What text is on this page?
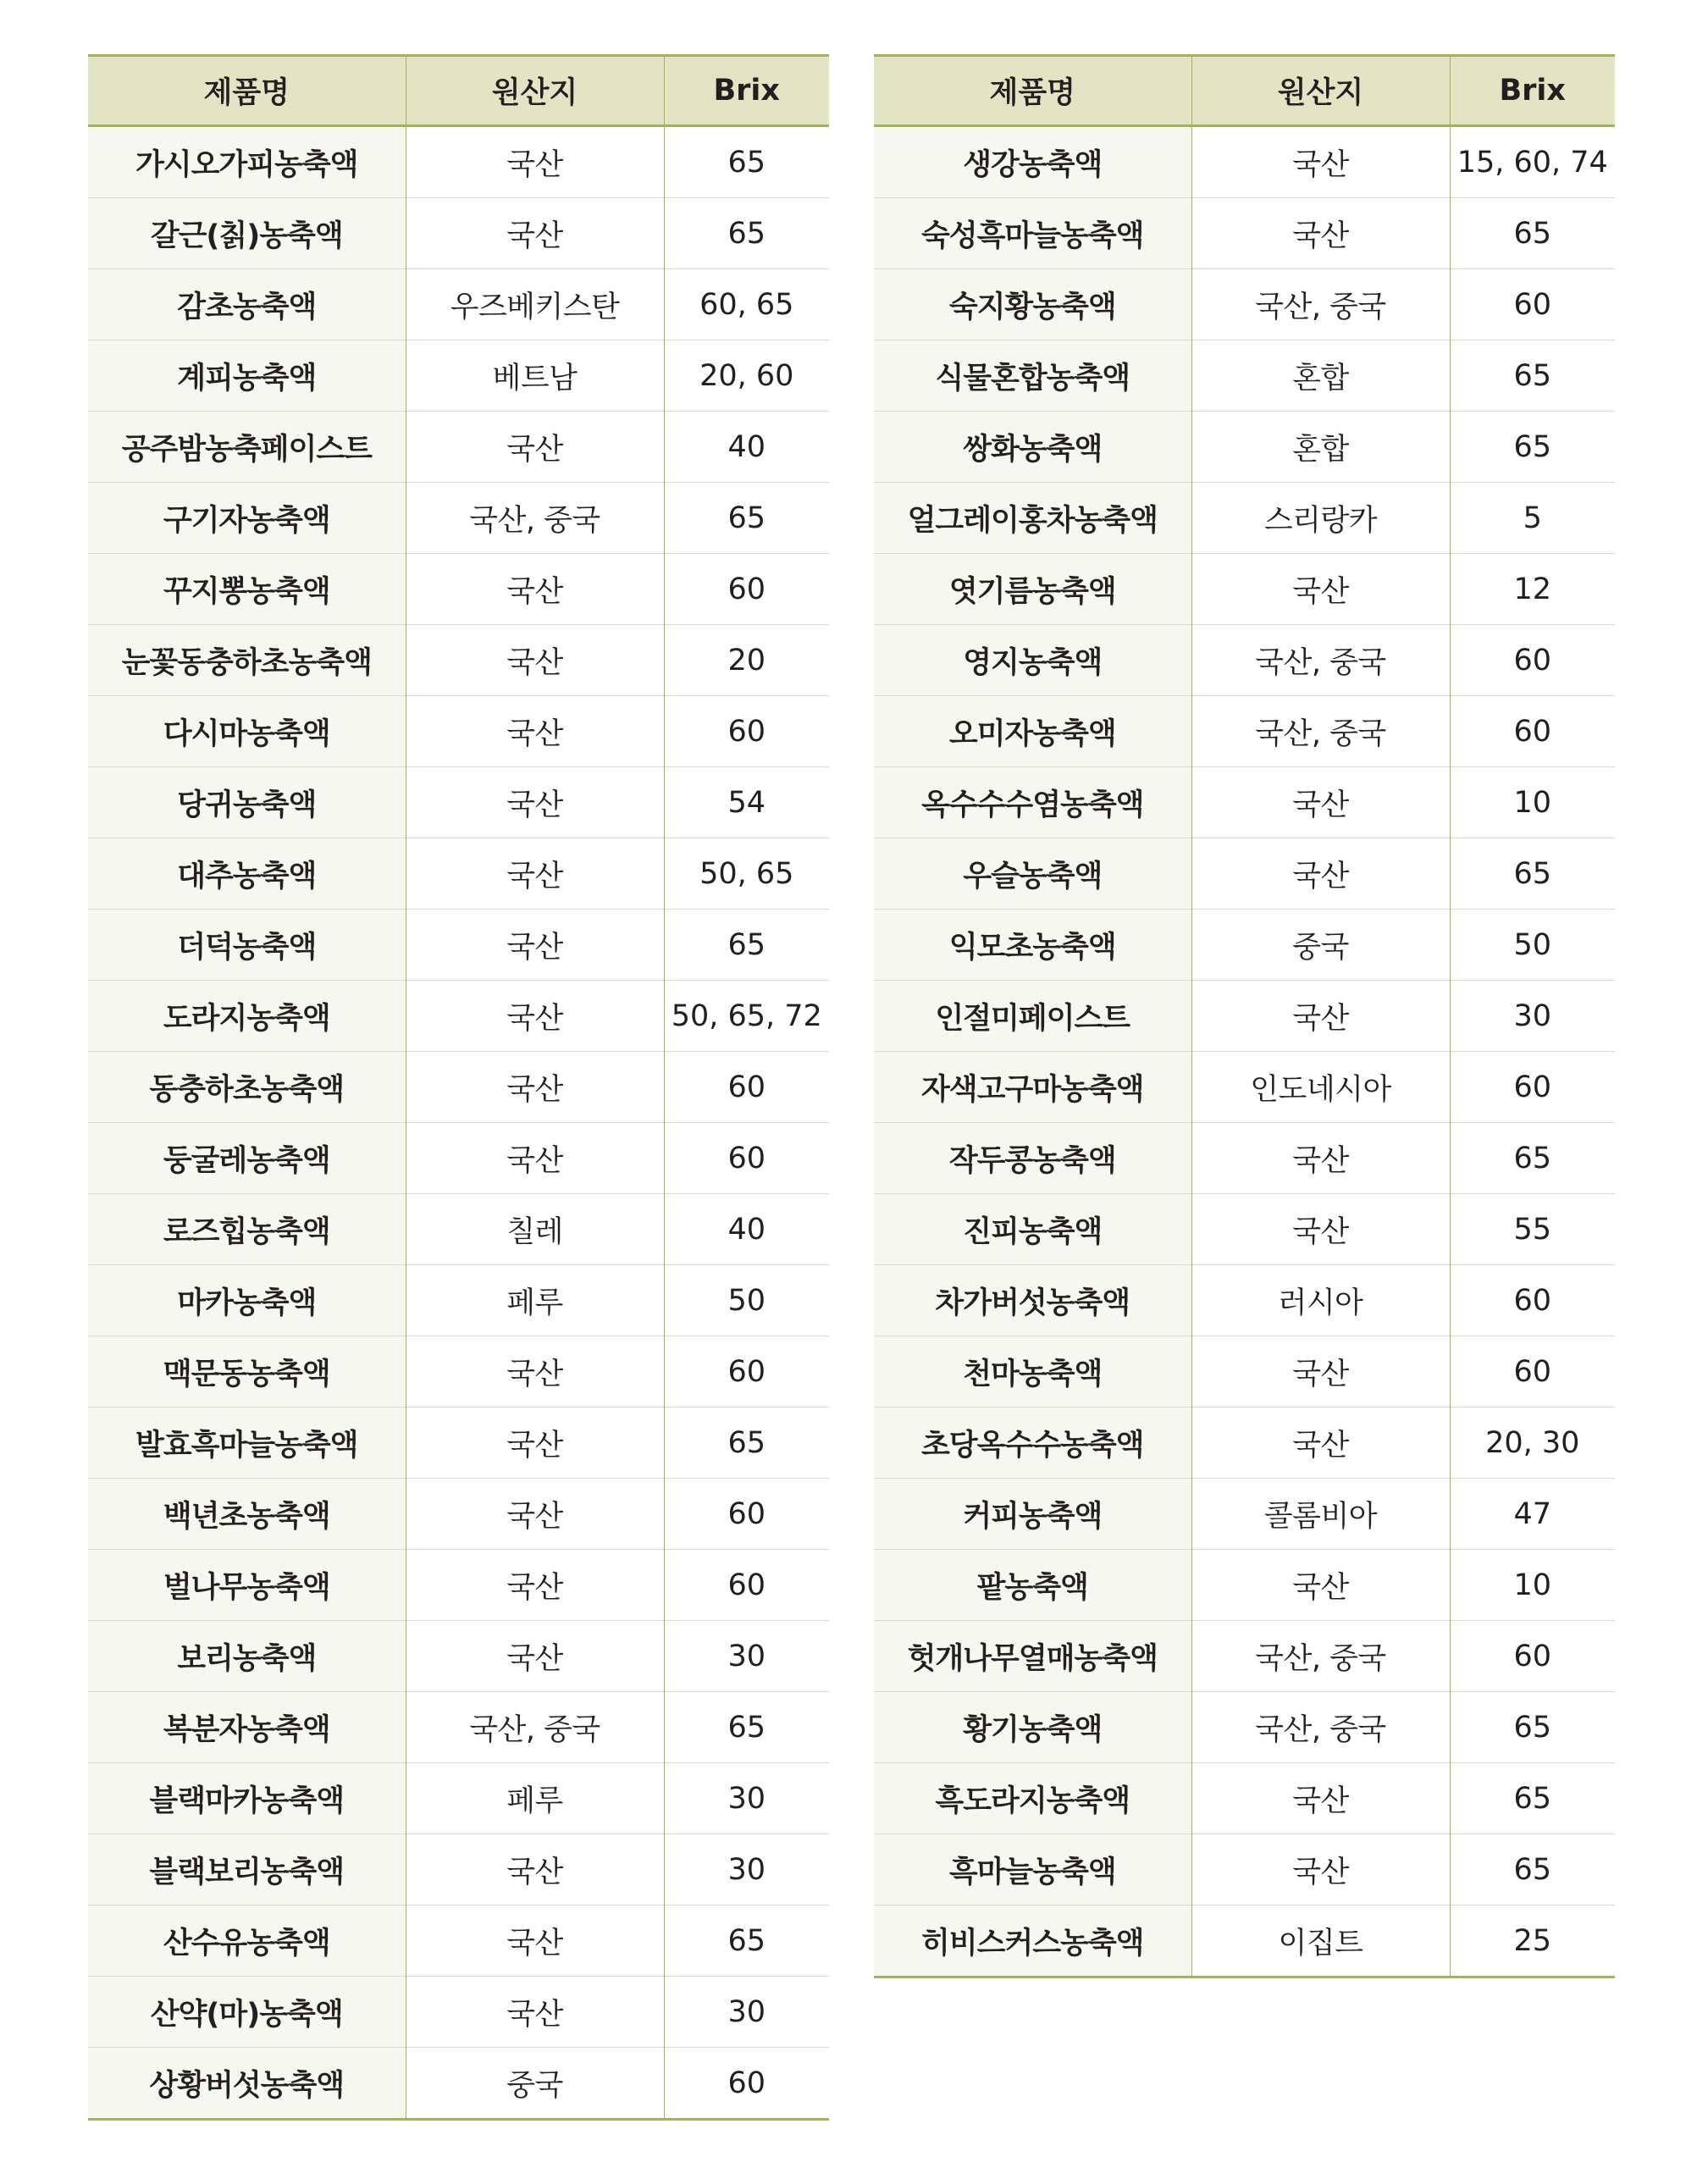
제품명	원산지	Brix
가시오가피농축액	국산	65
갈근(칡)농축액	국산	65
감초농축액	우즈베키스탄	60, 65
계피농축액	베트남	20, 60
공주밤농축페이스트	국산	40
구기자농축액	국산, 중국	65
꾸지뽕농축액	국산	60
눈꽃동충하초농축액	국산	20
다시마농축액	국산	60
당귀농축액	국산	54
대추농축액	국산	50, 65
더덕농축액	국산	65
도라지농축액	국산	50, 65, 72
동충하초농축액	국산	60
둥굴레농축액	국산	60
로즈힙농축액	칠레	40
마카농축액	페루	50
맥문동농축액	국산	60
발효흑마늘농축액	국산	65
백년초농축액	국산	60
벌나무농축액	국산	60
보리농축액	국산	30
복분자농축액	국산, 중국	65
블랙마카농축액	페루	30
블랙보리농축액	국산	30
산수유농축액	국산	65
산약(마)농축액	국산	30
상황버섯농축액	중국	60
제품명	원산지	Brix
생강농축액	국산	15, 60, 74
숙성흑마늘농축액	국산	65
숙지황농축액	국산, 중국	60
식물혼합농축액	혼합	65
쌍화농축액	혼합	65
얼그레이홍차농축액	스리랑카	5
엿기름농축액	국산	12
영지농축액	국산, 중국	60
오미자농축액	국산, 중국	60
옥수수수염농축액	국산	10
우슬농축액	국산	65
익모초농축액	중국	50
인절미페이스트	국산	30
자색고구마농축액	인도네시아	60
작두콩농축액	국산	65
진피농축액	국산	55
차가버섯농축액	러시아	60
천마농축액	국산	60
초당옥수수농축액	국산	20, 30
커피농축액	콜롬비아	47
팥농축액	국산	10
헛개나무열매농축액	국산, 중국	60
황기농축액	국산, 중국	65
흑도라지농축액	국산	65
흑마늘농축액	국산	65
히비스커스농축액	이집트	25
